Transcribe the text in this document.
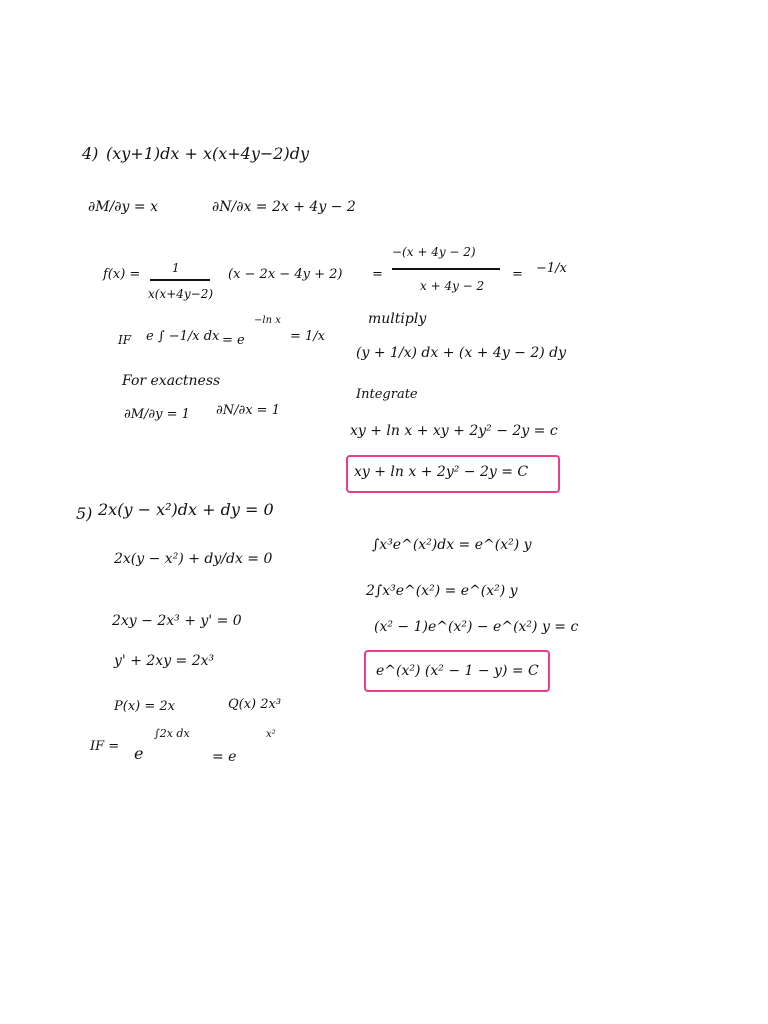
4) (xy+1)dx + x(x+4y−2)dy
∂M/∂y = x	∂N/∂x = 2x + 4y − 2
f(x) =	1
x(x+4y−2)
(x − 2x − 4y + 2) =
−(x + 4y − 2)
x + 4y − 2
= −1/x
IF e ∫ −1/x dx = e
−ln x
= 1/x
multiply
(y + 1/x) dx + (x + 4y − 2) dy
For exactness
∂M/∂y = 1 ∂N/∂x = 1
Integrate
xy + ln x + xy + 2y² − 2y = c
xy + ln x + 2y² − 2y = C
5) 2x(y − x²)dx + dy = 0
2x(y − x²) + dy/dx = 0
2xy − 2x³ + y' = 0
y' + 2xy = 2x³
P(x) = 2x	Q(x) 2x³
IF = e
∫2x dx
= e
x²
∫x³e^(x²)dx = e^(x²) y
2∫x³e^(x²) = e^(x²) y
(x² − 1)e^(x²) − e^(x²) y = c
e^(x²) (x² − 1 − y) = C
